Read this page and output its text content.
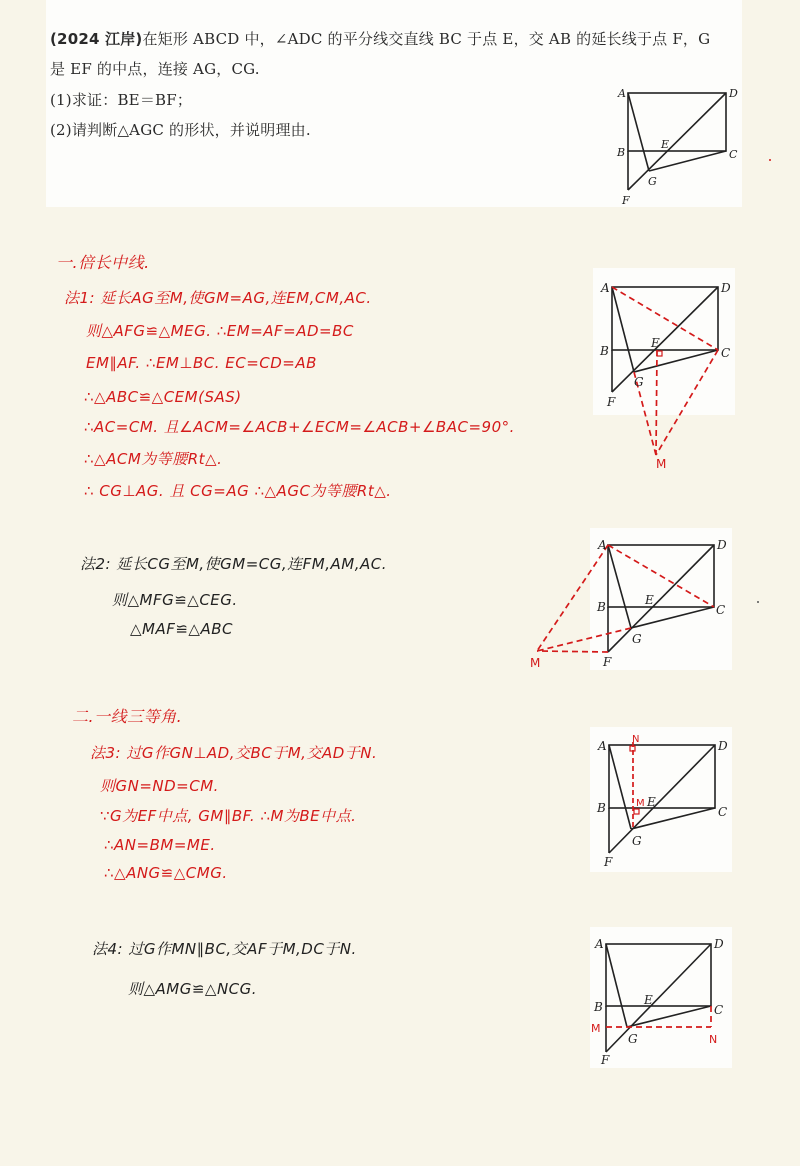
(2024 江岸)在矩形 ABCD 中，∠ADC 的平分线交直线 BC 于点 E，交 AB 的延长线于点 F，G
是 EF 的中点，连接 AG，CG.
(1)求证：BE＝BF；
(2)请判断△AGC 的形状，并说明理由.
A	D
B	C
E
G
F
一.倍长中线.
法1: 延长AG至M,使GM=AG,连EM,CM,AC.
则△AFG≌△MEG. ∴EM=AF=AD=BC
EM∥AF. ∴EM⊥BC. EC=CD=AB
∴△ABC≌△CEM(SAS)
∴AC=CM. 且∠ACM=∠ACB+∠ECM=∠ACB+∠BAC=90°.
∴△ACM为等腰Rt△.
∴ CG⊥AG. 且 CG=AG ∴△AGC为等腰Rt△.
A	D
B	C
E
G
F
M
法2: 延长CG至M,使GM=CG,连FM,AM,AC.
则△MFG≌△CEG.
△MAF≌△ABC
A	D
B	C
E
G
F
M
二.一线三等角.
法3: 过G作GN⊥AD,交BC于M,交AD于N.
则GN=ND=CM.
∵G为EF中点, GM∥BF. ∴M为BE中点.
∴AN=BM=ME.
∴△ANG≌△CMG.
A	D
B	C
E
G
F
N
M
法4: 过G作MN∥BC,交AF于M,DC于N.
则△AMG≌△NCG.
A	D
B	C
E
G
F
M
N
